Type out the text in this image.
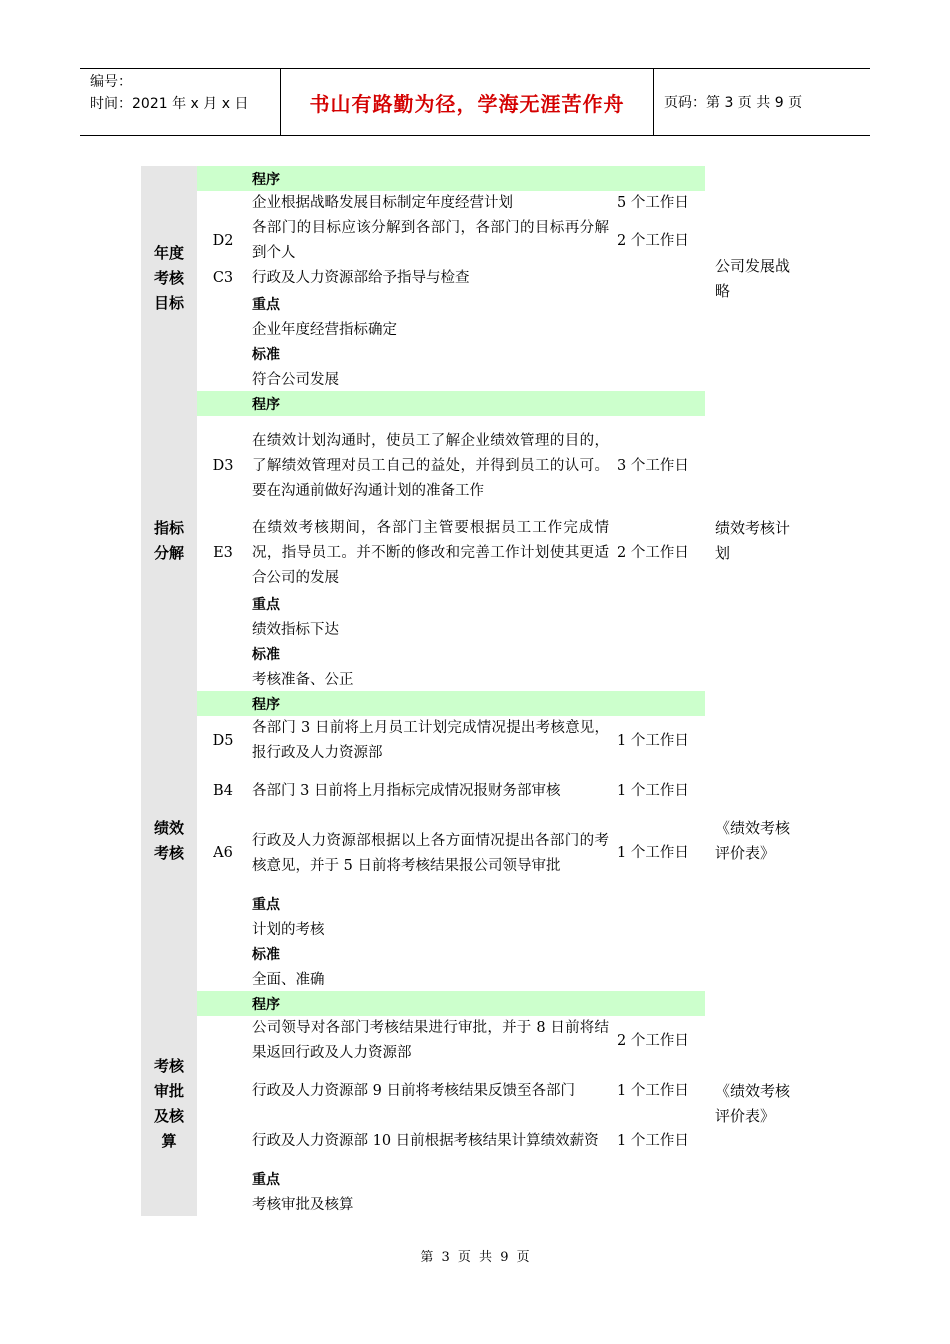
编号：
时间：2021 年 x 月 x 日	书山有路勤为径，学海无涯苦作舟	页码：第 3 页 共 9 页
年度
考核
目标
D2
C3
程序
企业根据战略发展目标制定年度经营计划
各部门的目标应该分解到各部门，各部门的目标再分解到个人
行政及人力资源部给予指导与检查
重点
企业年度经营指标确定
标准
符合公司发展
5 个工作日
2 个工作日
公司发展战略
指标
分解
D3
E3
程序
在绩效计划沟通时，使员工了解企业绩效管理的目的，了解绩效管理对员工自己的益处，并得到员工的认可。要在沟通前做好沟通计划的准备工作
在绩效考核期间，各部门主管要根据员工工作完成情况，指导员工。并不断的修改和完善工作计划使其更适合公司的发展
重点
绩效指标下达
标准
考核准备、公正
3 个工作日
2 个工作日
绩效考核计划
绩效
考核
D5
B4
A6
程序
各部门 3 日前将上月员工计划完成情况提出考核意见，报行政及人力资源部
各部门 3 日前将上月指标完成情况报财务部审核
行政及人力资源部根据以上各方面情况提出各部门的考核意见，并于 5 日前将考核结果报公司领导审批
重点
计划的考核
标准
全面、准确
1 个工作日
1 个工作日
1 个工作日
《绩效考核评价表》
考核
审批
及核
算
程序
公司领导对各部门考核结果进行审批，并于 8 日前将结果返回行政及人力资源部
行政及人力资源部 9 日前将考核结果反馈至各部门
行政及人力资源部 10 日前根据考核结果计算绩效薪资
重点
考核审批及核算
2 个工作日
1 个工作日
1 个工作日
《绩效考核评价表》
第 3 页 共 9 页
